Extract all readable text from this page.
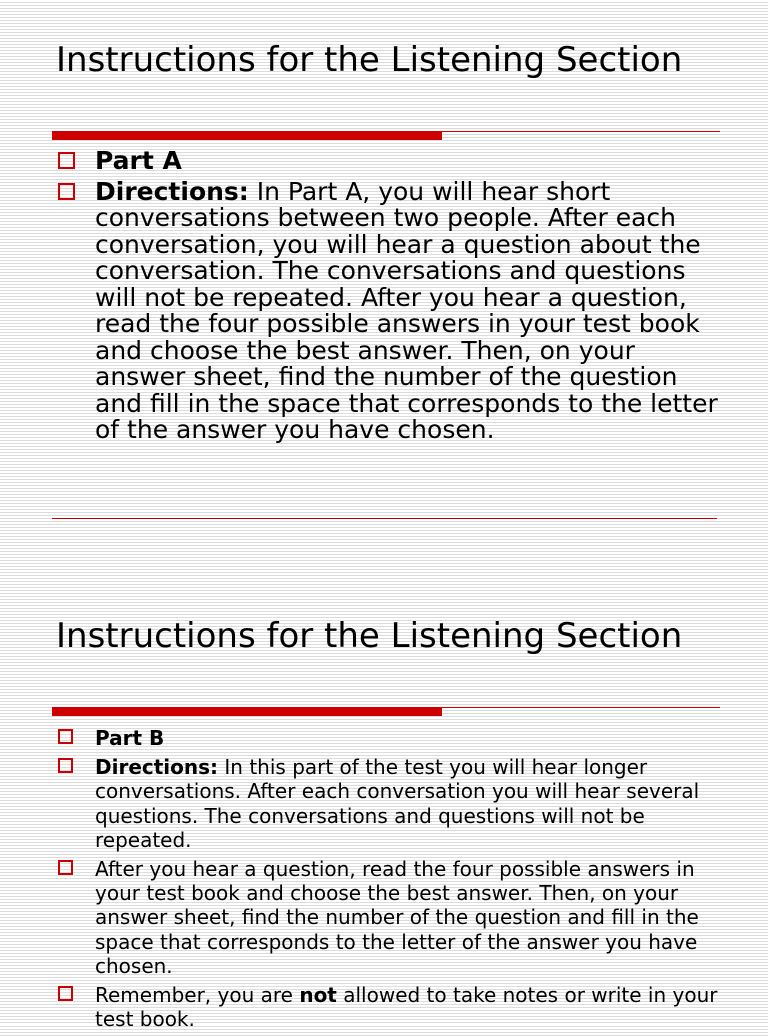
Instructions for the Listening Section
Part A
Directions: In Part A, you will hear short conversations between two people. After each conversation, you will hear a question about the conversation. The conversations and questions will not be repeated. After you hear a question, read the four possible answers in your test book and choose the best answer. Then, on your answer sheet, find the number of the question and fill in the space that corresponds to the letter of the answer you have chosen.
Instructions for the Listening Section
Part B
Directions: In this part of the test you will hear longer conversations. After each conversation you will hear several questions. The conversations and questions will not be repeated.
After you hear a question, read the four possible answers in your test book and choose the best answer. Then, on your answer sheet, find the number of the question and fill in the space that corresponds to the letter of the answer you have chosen.
Remember, you are not allowed to take notes or write in your test book.
